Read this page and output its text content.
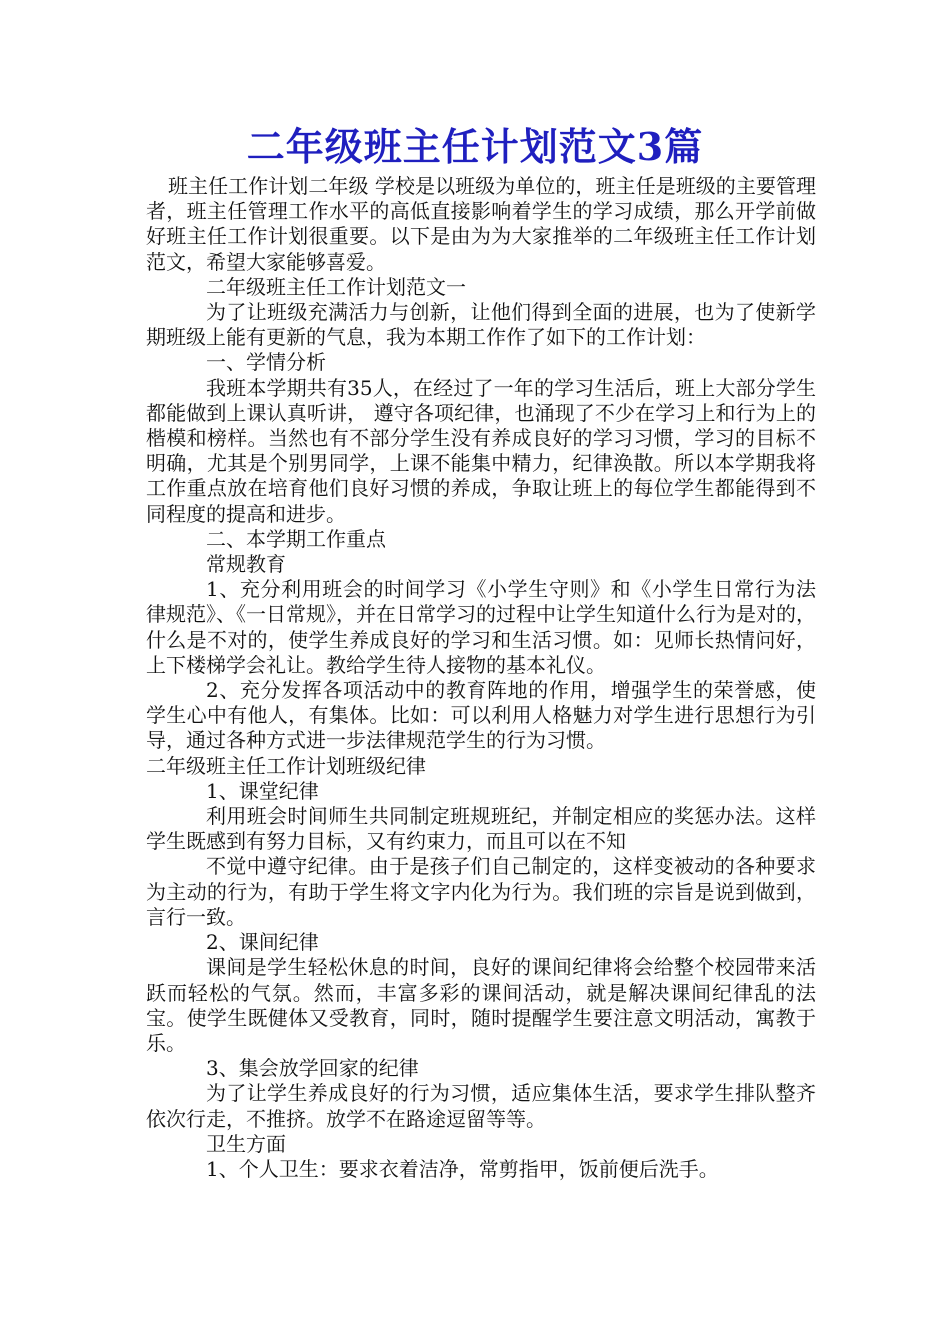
二年级班主任计划范文3篇

班主任工作计划二年级 学校是以班级为单位的，班主任是班级的主要管理者，班主任管理工作水平的高低直接影响着学生的学习成绩，那么开学前做好班主任工作计划很重要。以下是由为为大家推举的二年级班主任工作计划范文，希望大家能够喜爱。

二年级班主任工作计划范文一

为了让班级充满活力与创新，让他们得到全面的进展，也为了使新学期班级上能有更新的气息，我为本期工作作了如下的工作计划：

一、学情分析

我班本学期共有35人，在经过了一年的学习生活后，班上大部分学生都能做到上课认真听讲， 遵守各项纪律，也涌现了不少在学习上和行为上的楷模和榜样。当然也有不部分学生没有养成良好的学习习惯，学习的目标不明确，尤其是个别男同学，上课不能集中精力，纪律涣散。所以本学期我将工作重点放在培育他们良好习惯的养成，争取让班上的每位学生都能得到不同程度的提高和进步。

二、本学期工作重点

常规教育

1、充分利用班会的时间学习《小学生守则》和《小学生日常行为法律规范》、《一日常规》，并在日常学习的过程中让学生知道什么行为是对的，什么是不对的，使学生养成良好的学习和生活习惯。如：见师长热情问好，上下楼梯学会礼让。教给学生待人接物的基本礼仪。

2、充分发挥各项活动中的教育阵地的作用，增强学生的荣誉感，使学生心中有他人，有集体。比如：可以利用人格魅力对学生进行思想行为引导，通过各种方式进一步法律规范学生的行为习惯。

二年级班主任工作计划班级纪律

1、课堂纪律

利用班会时间师生共同制定班规班纪，并制定相应的奖惩办法。这样学生既感到有努力目标，又有约束力，而且可以在不知

不觉中遵守纪律。由于是孩子们自己制定的，这样变被动的各种要求为主动的行为，有助于学生将文字内化为行为。我们班的宗旨是说到做到，言行一致。

2、课间纪律

课间是学生轻松休息的时间，良好的课间纪律将会给整个校园带来活跃而轻松的气氛。然而，丰富多彩的课间活动，就是解决课间纪律乱的法宝。使学生既健体又受教育，同时，随时提醒学生要注意文明活动，寓教于乐。

3、集会放学回家的纪律

为了让学生养成良好的行为习惯，适应集体生活，要求学生排队整齐依次行走，不推挤。放学不在路途逗留等等。

卫生方面

1、个人卫生：要求衣着洁净，常剪指甲，饭前便后洗手。
